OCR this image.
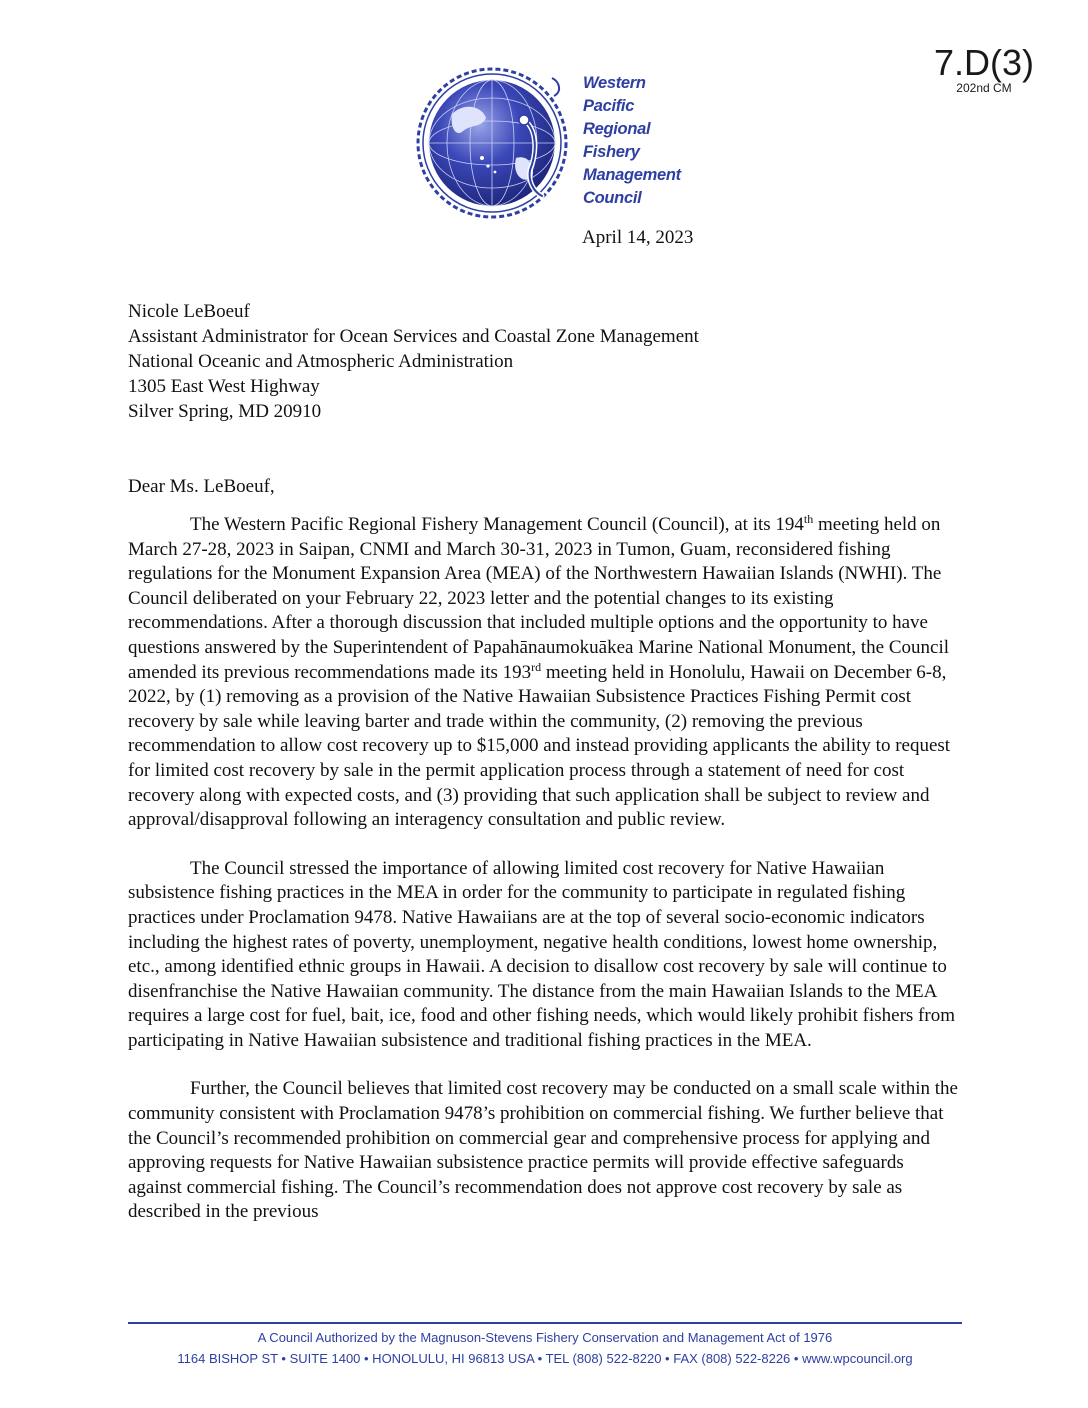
7.D(3)
202nd CM
Western
Pacific
Regional
Fishery
Management
Council
April 14, 2023
Nicole LeBoeuf
Assistant Administrator for Ocean Services and Coastal Zone Management
National Oceanic and Atmospheric Administration
1305 East West Highway
Silver Spring, MD 20910
Dear Ms. LeBoeuf,

The Western Pacific Regional Fishery Management Council (Council), at its 194th meeting held on March 27-28, 2023 in Saipan, CNMI and March 30-31, 2023 in Tumon, Guam, reconsidered fishing regulations for the Monument Expansion Area (MEA) of the Northwestern Hawaiian Islands (NWHI). The Council deliberated on your February 22, 2023 letter and the potential changes to its existing recommendations. After a thorough discussion that included multiple options and the opportunity to have questions answered by the Superintendent of Papahānaumokuākea Marine National Monument, the Council amended its previous recommendations made its 193rd meeting held in Honolulu, Hawaii on December 6-8, 2022, by (1) removing as a provision of the Native Hawaiian Subsistence Practices Fishing Permit cost recovery by sale while leaving barter and trade within the community, (2) removing the previous recommendation to allow cost recovery up to $15,000 and instead providing applicants the ability to request for limited cost recovery by sale in the permit application process through a statement of need for cost recovery along with expected costs, and (3) providing that such application shall be subject to review and approval/disapproval following an interagency consultation and public review.

The Council stressed the importance of allowing limited cost recovery for Native Hawaiian subsistence fishing practices in the MEA in order for the community to participate in regulated fishing practices under Proclamation 9478. Native Hawaiians are at the top of several socio-economic indicators including the highest rates of poverty, unemployment, negative health conditions, lowest home ownership, etc., among identified ethnic groups in Hawaii. A decision to disallow cost recovery by sale will continue to disenfranchise the Native Hawaiian community. The distance from the main Hawaiian Islands to the MEA requires a large cost for fuel, bait, ice, food and other fishing needs, which would likely prohibit fishers from participating in Native Hawaiian subsistence and traditional fishing practices in the MEA.

Further, the Council believes that limited cost recovery may be conducted on a small scale within the community consistent with Proclamation 9478’s prohibition on commercial fishing. We further believe that the Council’s recommended prohibition on commercial gear and comprehensive process for applying and approving requests for Native Hawaiian subsistence practice permits will provide effective safeguards against commercial fishing. The Council’s recommendation does not approve cost recovery by sale as described in the previous

A Council Authorized by the Magnuson-Stevens Fishery Conservation and Management Act of 1976
1164 BISHOP ST • SUITE 1400 • HONOLULU, HI 96813 USA • TEL (808) 522-8220 • FAX (808) 522-8226 • www.wpcouncil.org
